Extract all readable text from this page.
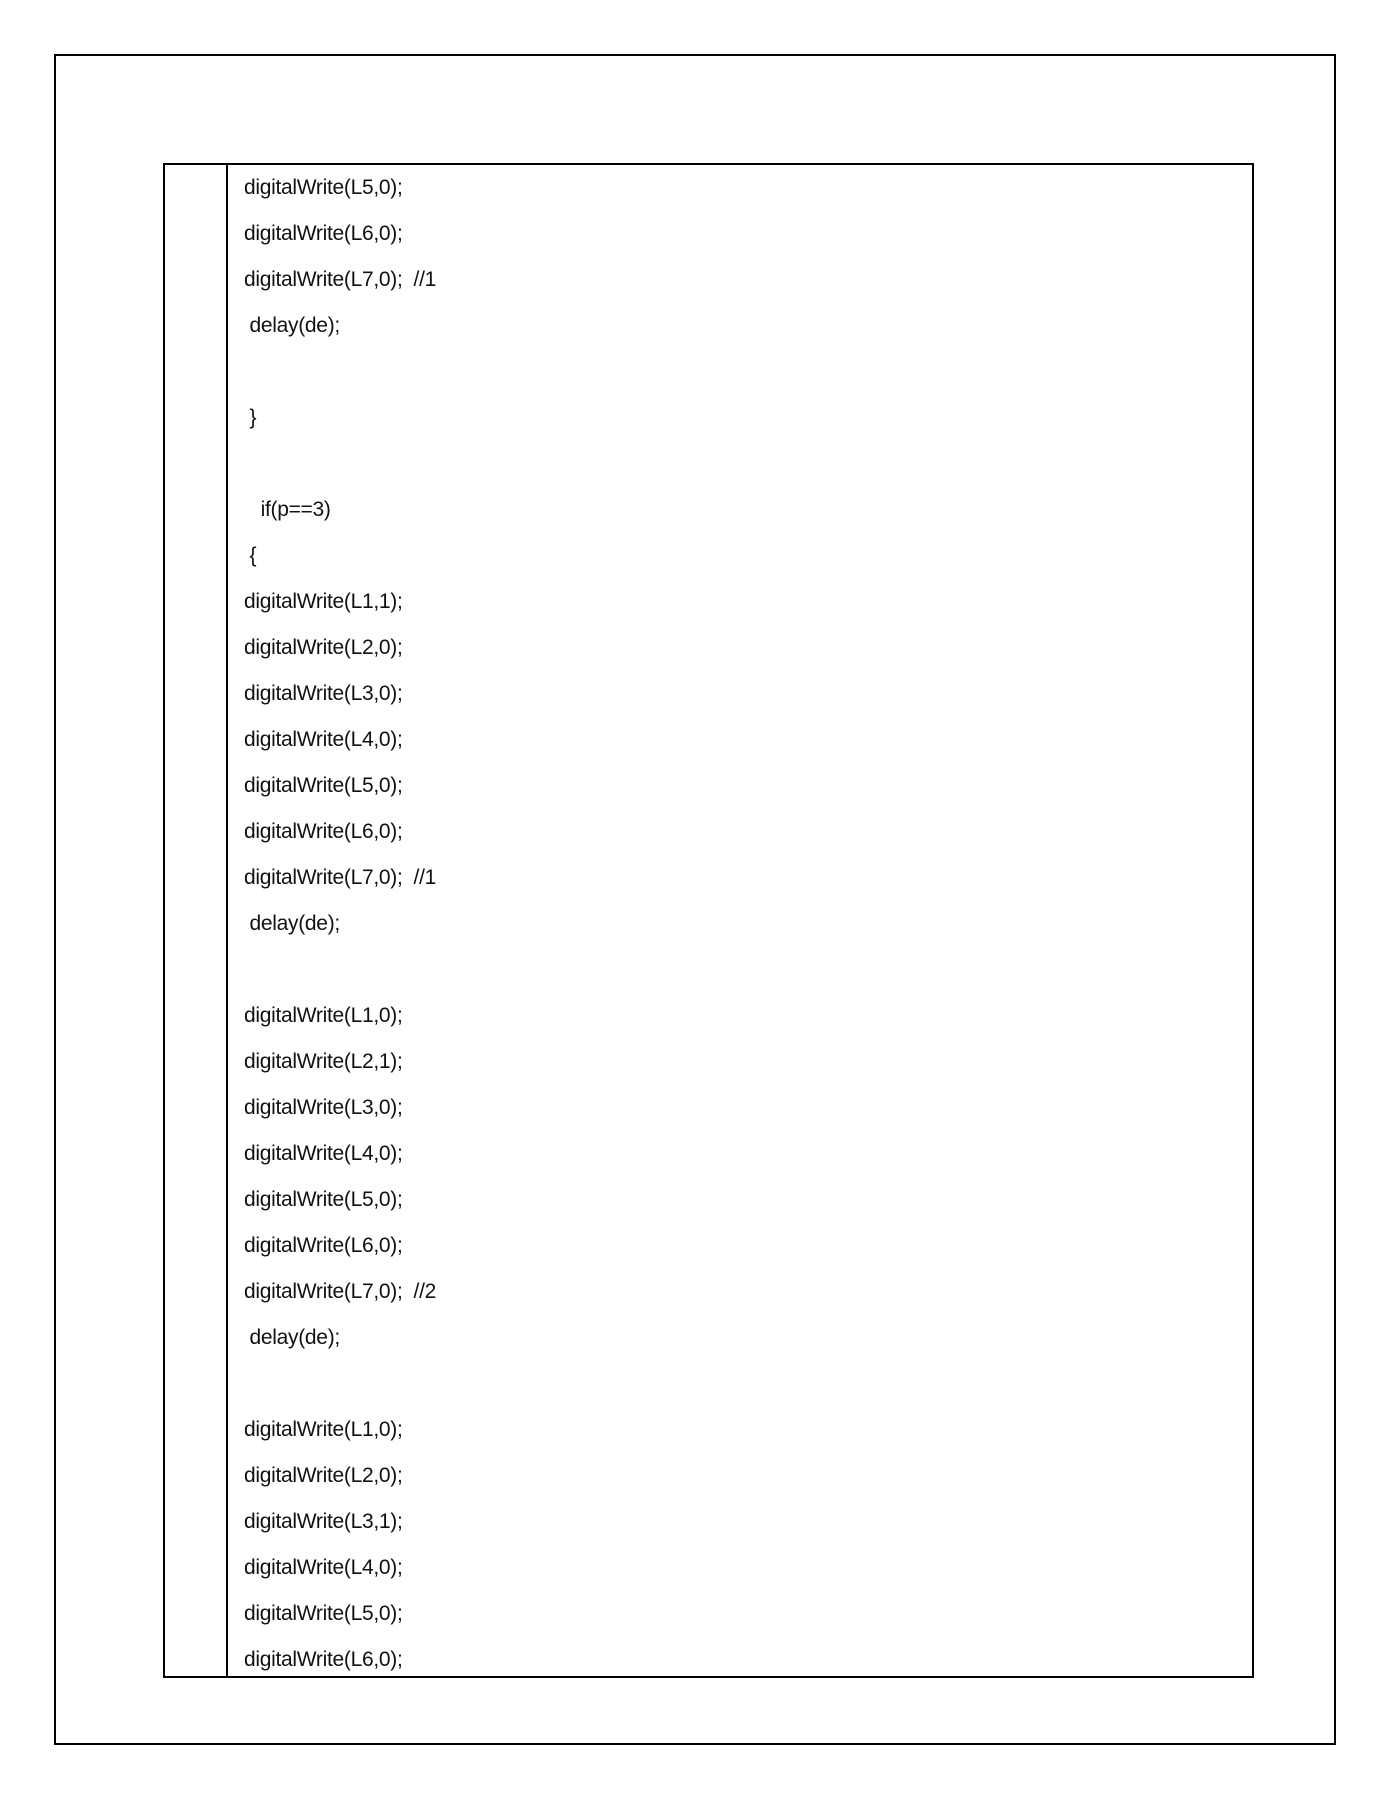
digitalWrite(L5,0);
digitalWrite(L6,0);
digitalWrite(L7,0);  //1
delay(de);
}
if(p==3)
{
digitalWrite(L1,1);
digitalWrite(L2,0);
digitalWrite(L3,0);
digitalWrite(L4,0);
digitalWrite(L5,0);
digitalWrite(L6,0);
digitalWrite(L7,0);  //1
delay(de);
digitalWrite(L1,0);
digitalWrite(L2,1);
digitalWrite(L3,0);
digitalWrite(L4,0);
digitalWrite(L5,0);
digitalWrite(L6,0);
digitalWrite(L7,0);  //2
delay(de);
digitalWrite(L1,0);
digitalWrite(L2,0);
digitalWrite(L3,1);
digitalWrite(L4,0);
digitalWrite(L5,0);
digitalWrite(L6,0);
